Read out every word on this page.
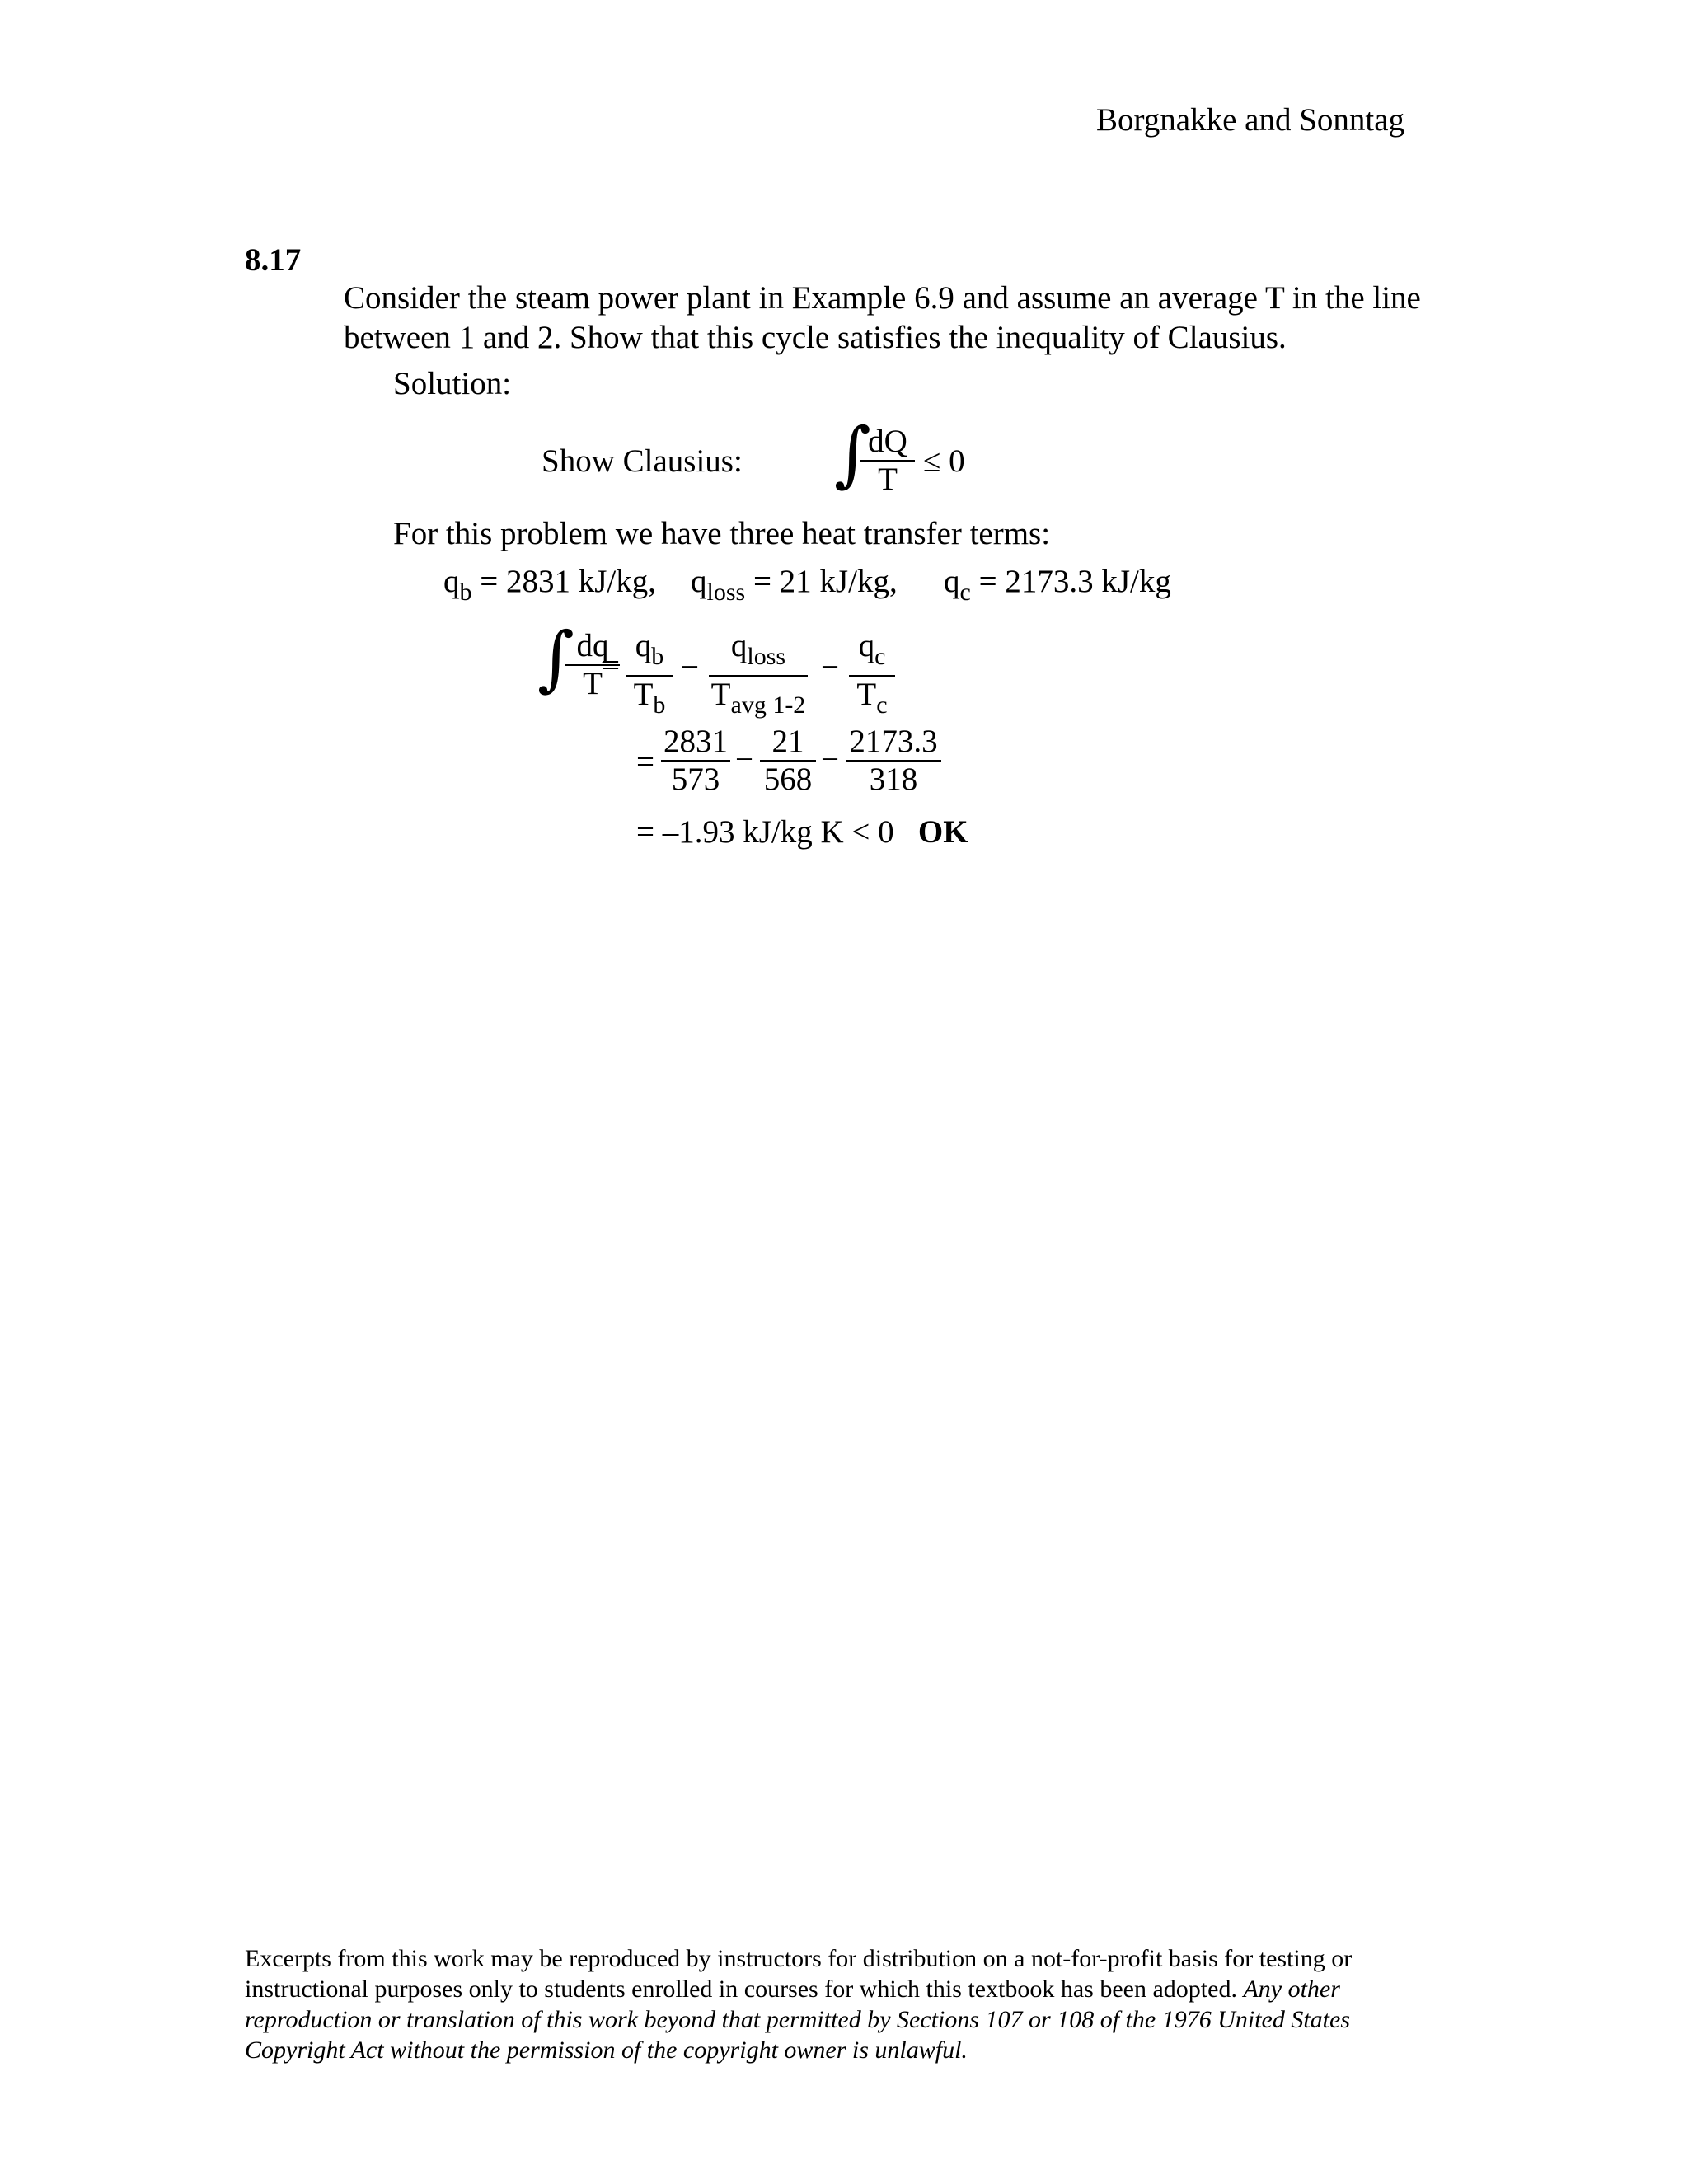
Borgnakke and Sonntag
8.17
Consider the steam power plant in Example 6.9 and assume an average T in the line between 1 and 2. Show that this cycle satisfies the inequality of Clausius.
Solution:
Show Clausius: ∫
$\frac{dQ}{T} \le 0$
For this problem we have three heat transfer terms:
$q_b = 2831$ kJ/kg, $q_{loss} = 21$ kJ/kg, $q_c = 2173.3$ kJ/kg
∫
$\frac{dq}{T}$
= $\frac{q_b}{T_b}$ −
$q_{loss}$
$T_{avg 1-2}$
− $\frac{q_c}{T_c}$
= $\frac{2831}{573} - \frac{21}{568} - \frac{2173.3}{318}$
= –1.93 kJ/kg K < 0 OK
Excerpts from this work may be reproduced by instructors for distribution on a not-for-profit basis for testing or instructional purposes only to students enrolled in courses for which this textbook has been adopted. Any other reproduction or translation of this work beyond that permitted by Sections 107 or 108 of the 1976 United States Copyright Act without the permission of the copyright owner is unlawful.
